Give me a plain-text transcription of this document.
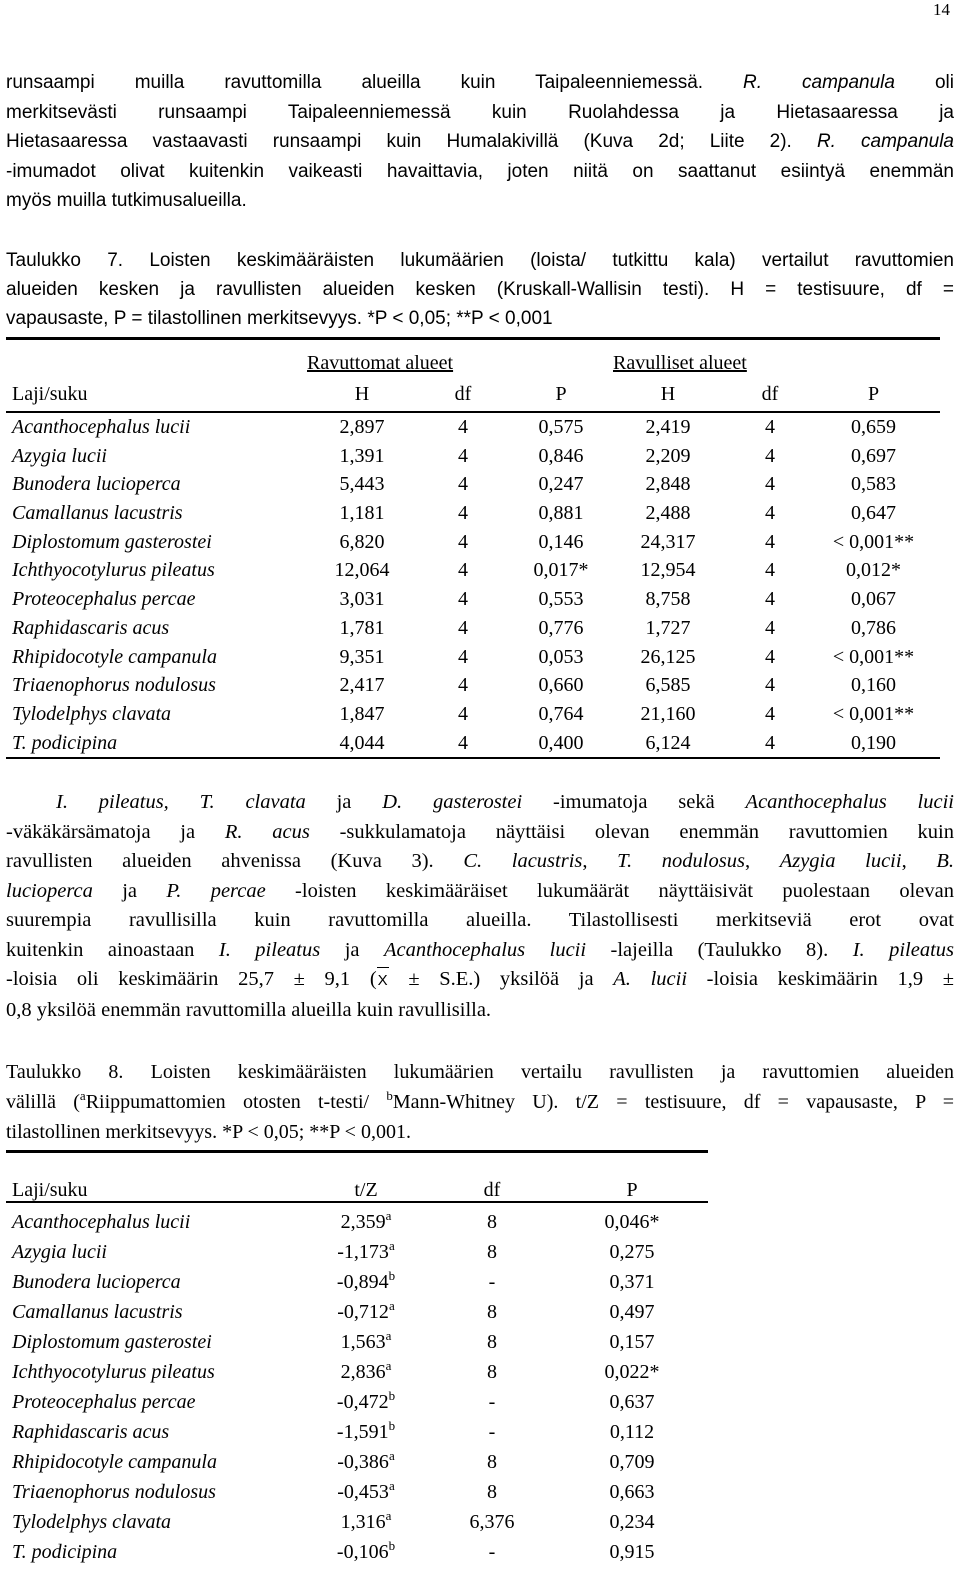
14

runsaampi muilla ravuttomilla alueilla kuin Taipaleenniemessä. R. campanula oli
merkitsevästi runsaampi Taipaleenniemessä kuin Ruolahdessa ja Hietasaaressa ja
Hietasaaressa vastaavasti runsaampi kuin Humalakivillä (Kuva 2d; Liite 2). R. campanula
-imumadot olivat kuitenkin vaikeasti havaittavia, joten niitä on saattanut esiintyä enemmän
myös muilla tutkimusalueilla.

Taulukko 7. Loisten keskimääräisten lukumäärien (loista/ tutkittu kala) vertailut ravuttomien
alueiden kesken ja ravullisten alueiden kesken (Kruskall-Wallisin testi). H = testisuure, df =
vapausaste, P = tilastollinen merkitsevyys. *P < 0,05; **P < 0,001

Ravuttomat alueet	Ravulliset alueet
Laji/suku	H	df	P	H	df	P
Acanthocephalus lucii	2,897	4	0,575	2,419	4	0,659
Azygia lucii	1,391	4	0,846	2,209	4	0,697
Bunodera luciopercа	5,443	4	0,247	2,848	4	0,583
Camallanus lacustris	1,181	4	0,881	2,488	4	0,647
Diplostomum gasterostei	6,820	4	0,146	24,317	4	< 0,001**
Ichthyocotylurus pileatus	12,064	4	0,017*	12,954	4	0,012*
Proteocephalus percae	3,031	4	0,553	8,758	4	0,067
Raphidascaris acus	1,781	4	0,776	1,727	4	0,786
Rhipidocotyle campanula	9,351	4	0,053	26,125	4	< 0,001**
Triaenophorus nodulosus	2,417	4	0,660	6,585	4	0,160
Tylodelphys clavata	1,847	4	0,764	21,160	4	< 0,001**
T. podicipina	4,044	4	0,400	6,124	4	0,190

I. pileatus, T. clavata ja D. gasterostei -imumatoja sekä Acanthocephalus lucii
-väkäkärsämatoja ja R. acus -sukkulamatoja näyttäisi olevan enemmän ravuttomien kuin
ravullisten alueiden ahvenissa (Kuva 3). C. lacustris, T. nodulosus, Azygia lucii, B.
lucioperca ja P. percae -loisten keskimääräiset lukumäärät näyttäisivät puolestaan olevan
suurempia ravullisilla kuin ravuttomilla alueilla. Tilastollisesti merkitseviä erot ovat
kuitenkin ainoastaan I. pileatus ja Acanthocephalus lucii -lajeilla (Taulukko 8). I. pileatus
-loisia oli keskimäärin 25,7 ± 9,1 (X ± S.E.) yksilöä ja A. lucii -loisia keskimäärin 1,9 ±
0,8 yksilöä enemmän ravuttomilla alueilla kuin ravullisilla.

Taulukko 8. Loisten keskimääräisten lukumäärien vertailu ravullisten ja ravuttomien alueiden
välillä ($^a$Riippumattomien otosten t-testi/ $^b$Mann-Whitney U). t/Z = testisuure, df = vapausaste, P =
tilastollinen merkitsevyys. *P < 0,05; **P < 0,001.

Laji/suku	t/Z	df	P
Acanthocephalus lucii	2,359$^a$	8	0,046*
Azygia lucii	-1,173$^a$	8	0,275
Bunodera lucioperca	-0,894$^b$	-	0,371
Camallanus lacustris	-0,712$^a$	8	0,497
Diplostomum gasterostei	1,563$^a$	8	0,157
Ichthyocotylurus pileatus	2,836$^a$	8	0,022*
Proteocephalus percae	-0,472$^b$	-	0,637
Raphidascaris acus	-1,591$^b$	-	0,112
Rhipidocotyle campanula	-0,386$^a$	8	0,709
Triaenophorus nodulosus	-0,453$^a$	8	0,663
Tylodelphys clavata	1,316$^a$	6,376	0,234
T. podicipina	-0,106$^b$	-	0,915
